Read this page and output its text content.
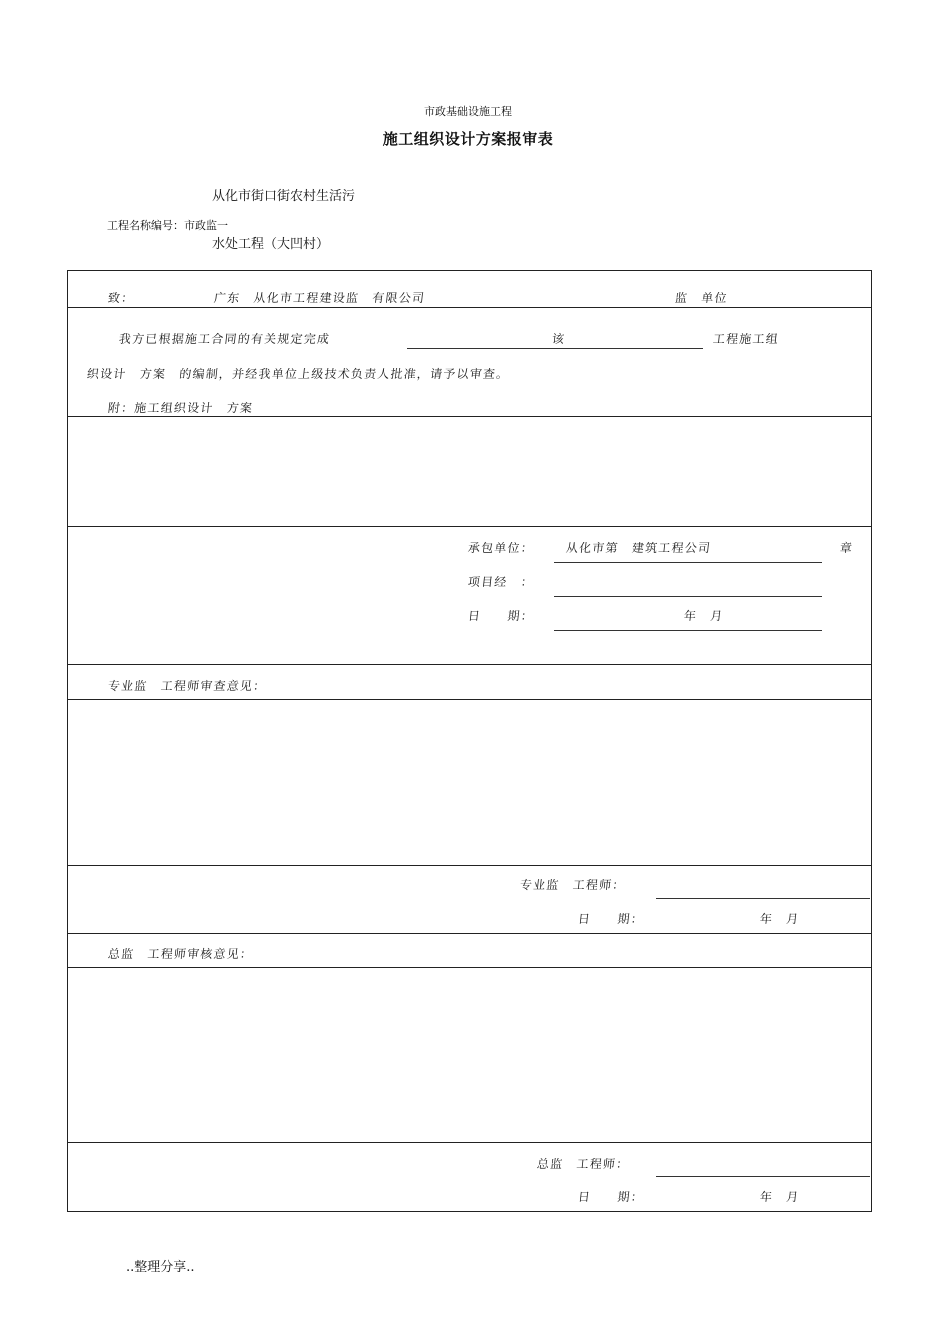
市政基础设施工程
施工组织设计方案报审表
从化市街口街农村生活污
工程名称编号：市政监一
水处工程（大凹村）
致：	广东　从化市工程建设监　有限公司	监　单位
我方已根据施工合同的有关规定完成	该	工程施工组
织设计　方案　的编制，并经我单位上级技术负责人批准，请予以审查。
附：施工组织设计　方案
承包单位：	从化市第　建筑工程公司	章
项目经　：
日　　期：	年　月
专业监　工程师审查意见：
专业监　工程师：
日　　期：	年　月
总监　工程师审核意见：
总监　工程师：
日　　期：	年　月
..整理分享..
